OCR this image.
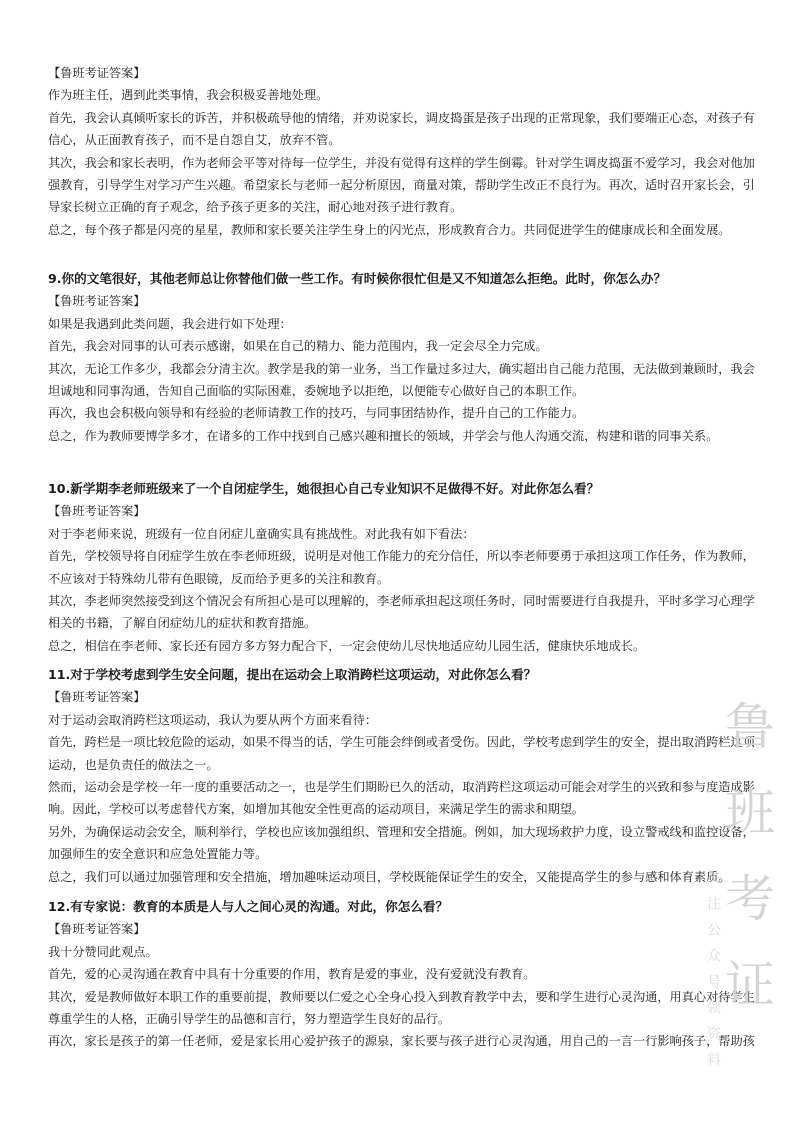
【鲁班考证答案】
作为班主任，遇到此类事情，我会积极妥善地处理。
首先，我会认真倾听家长的诉苦，并积极疏导他的情绪，并劝说家长，调皮捣蛋是孩子出现的正常现象，我们要端正心态，对孩子有
信心，从正面教育孩子，而不是自怨自艾，放弃不管。
其次，我会和家长表明，作为老师会平等对待每一位学生，并没有觉得有这样的学生倒霉。针对学生调皮捣蛋不爱学习，我会对他加
强教育，引导学生对学习产生兴趣。希望家长与老师一起分析原因，商量对策，帮助学生改正不良行为。再次，适时召开家长会，引
导家长树立正确的育子观念，给予孩子更多的关注，耐心地对孩子进行教育。
总之，每个孩子都是闪亮的星星，教师和家长要关注学生身上的闪光点，形成教育合力。共同促进学生的健康成长和全面发展。
9.你的文笔很好，其他老师总让你替他们做一些工作。有时候你很忙但是又不知道怎么拒绝。此时，你怎么办？
【鲁班考证答案】
如果是我遇到此类问题，我会进行如下处理：
首先，我会对同事的认可表示感谢，如果在自己的精力、能力范围内，我一定会尽全力完成。
其次，无论工作多少，我都会分清主次。教学是我的第一业务，当工作量过多过大，确实超出自己能力范围，无法做到兼顾时，我会
坦诚地和同事沟通，告知自己面临的实际困难，委婉地予以拒绝，以便能专心做好自己的本职工作。
再次，我也会积极向领导和有经验的老师请教工作的技巧，与同事团结协作，提升自己的工作能力。
总之，作为教师要博学多才，在诸多的工作中找到自己感兴趣和擅长的领域，并学会与他人沟通交流，构建和谐的同事关系。
10.新学期李老师班级来了一个自闭症学生，她很担心自己专业知识不足做得不好。对此你怎么看？
【鲁班考证答案】
对于李老师来说，班级有一位自闭症儿童确实具有挑战性。对此我有如下看法：
首先，学校领导将自闭症学生放在李老师班级，说明是对他工作能力的充分信任，所以李老师要勇于承担这项工作任务，作为教师，
不应该对于特殊幼儿带有色眼镜，反而给予更多的关注和教育。
其次，李老师突然接受到这个情况会有所担心是可以理解的，李老师承担起这项任务时，同时需要进行自我提升，平时多学习心理学
相关的书籍，了解自闭症幼儿的症状和教育措施。
总之，相信在李老师、家长还有园方多方努力配合下，一定会使幼儿尽快地适应幼儿园生活，健康快乐地成长。
11.对于学校考虑到学生安全问题，提出在运动会上取消跨栏这项运动，对此你怎么看？
【鲁班考证答案】
对于运动会取消跨栏这项运动，我认为要从两个方面来看待：
首先，跨栏是一项比较危险的运动，如果不得当的话，学生可能会绊倒或者受伤。因此，学校考虑到学生的安全，提出取消跨栏这项
运动，也是负责任的做法之一。
然而，运动会是学校一年一度的重要活动之一，也是学生们期盼已久的活动，取消跨栏这项运动可能会对学生的兴致和参与度造成影
响。因此，学校可以考虑替代方案，如增加其他安全性更高的运动项目，来满足学生的需求和期望。
另外，为确保运动会安全，顺利举行，学校也应该加强组织、管理和安全措施。例如，加大现场救护力度，设立警戒线和监控设备，
加强师生的安全意识和应急处置能力等。
总之，我们可以通过加强管理和安全措施，增加趣味运动项目，学校既能保证学生的安全，又能提高学生的参与感和体育素质。
12.有专家说：教育的本质是人与人之间心灵的沟通。对此，你怎么看？
【鲁班考证答案】
我十分赞同此观点。
首先，爱的心灵沟通在教育中具有十分重要的作用，教育是爱的事业，没有爱就没有教育。
其次，爱是教师做好本职工作的重要前提，教师要以仁爱之心全身心投入到教育教学中去，要和学生进行心灵沟通，用真心对待学生，
尊重学生的人格，正确引导学生的品德和言行，努力塑造学生良好的品行。
再次，家长是孩子的第一任老师，爱是家长用心爱护孩子的源泉，家长要与孩子进行心灵沟通，用自己的一言一行影响孩子，帮助孩
鲁班考证
关注公众号领资料
